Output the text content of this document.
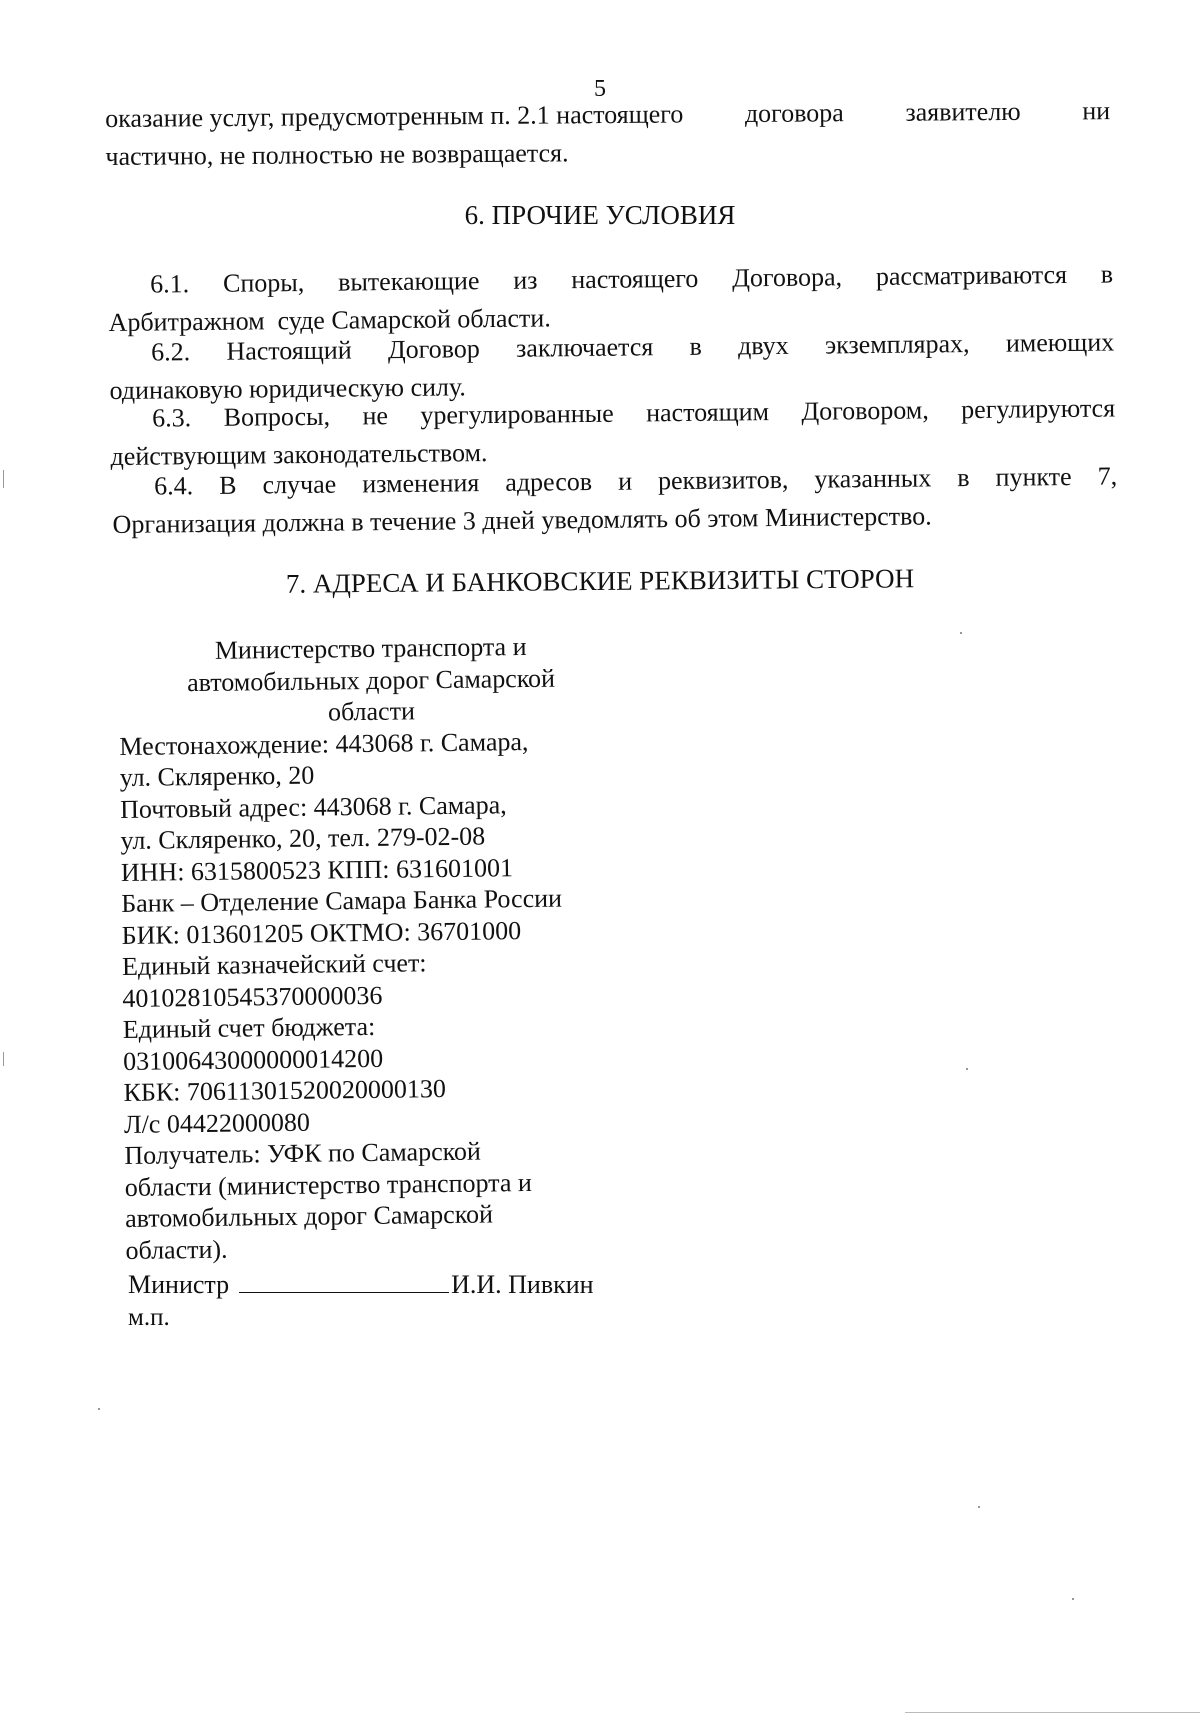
5
оказание услуг, предусмотренным п. 2.1 настоящего договора заявителю ни
частично, не полностью не возвращается.
6. ПРОЧИЕ УСЛОВИЯ
6.1. Споры, вытекающие из настоящего Договора, рассматриваются в
Арбитражном  суде Самарской области.
6.2. Настоящий Договор заключается в двух экземплярах, имеющих
одинаковую юридическую силу.
6.3. Вопросы, не урегулированные настоящим Договором, регулируются
действующим законодательством.
6.4. В случае изменения адресов и реквизитов, указанных в пункте 7,
Организация должна в течение 3 дней уведомлять об этом Министерство.
7. АДРЕСА И БАНКОВСКИЕ РЕКВИЗИТЫ СТОРОН
Министерство транспорта и
автомобильных дорог Самарской
области
Местонахождение: 443068 г. Самара,
ул. Скляренко, 20
Почтовый адрес: 443068 г. Самара,
ул. Скляренко, 20, тел. 279-02-08
ИНН: 6315800523 КПП: 631601001
Банк – Отделение Самара Банка России
БИК: 013601205 ОКТМО: 36701000
Единый казначейский счет:
40102810545370000036
Единый счет бюджета:
03100643000000014200
КБК: 70611301520020000130
Л/с 04422000080
Получатель: УФК по Самарской
области (министерство транспорта и
автомобильных дорог Самарской
области).
Министр	И.И. Пивкин
м.п.
